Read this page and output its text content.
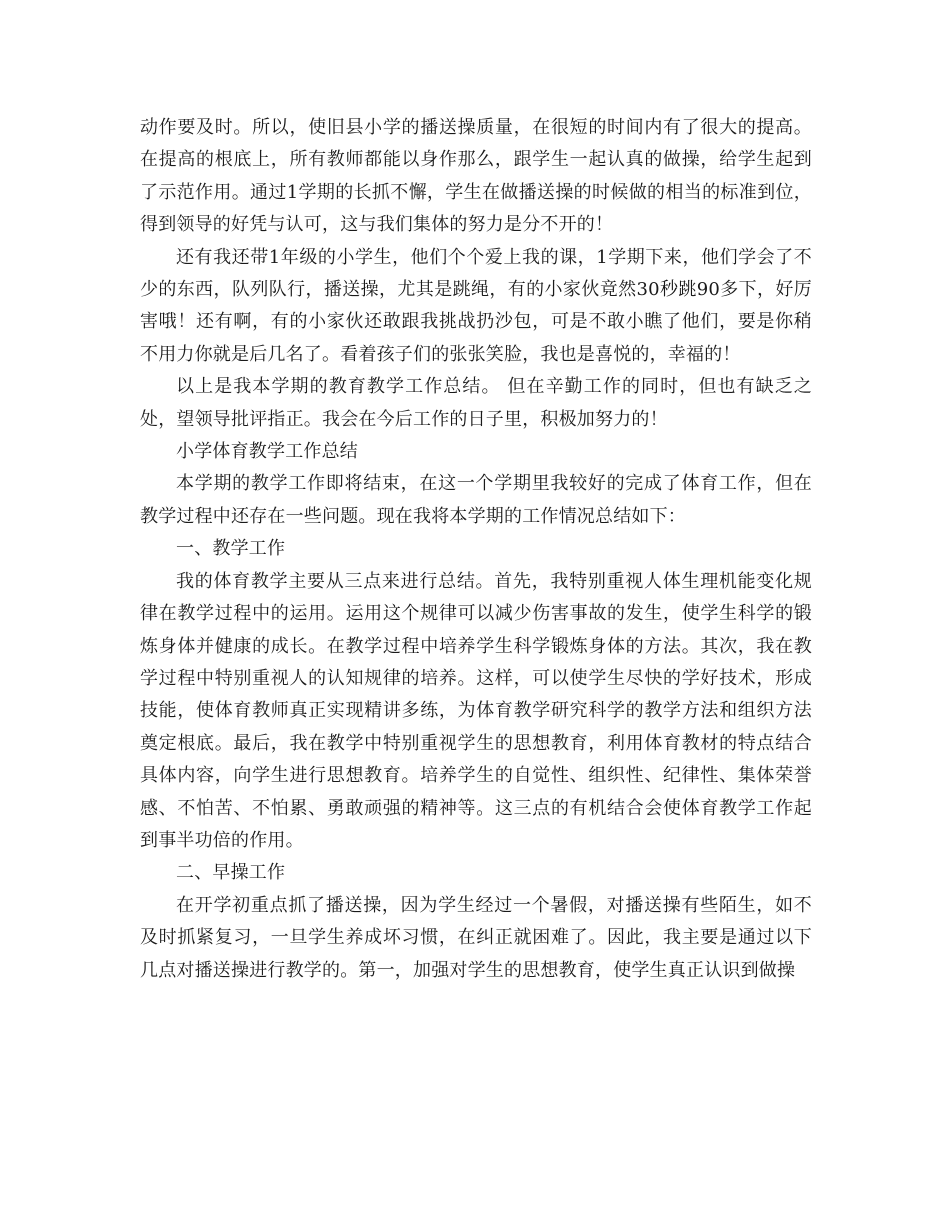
动作要及时。所以，使旧县小学的播送操质量，在很短的时间内有了很大的提高。在提高的根底上，所有教师都能以身作那么，跟学生一起认真的做操，给学生起到了示范作用。通过1学期的长抓不懈，学生在做播送操的时候做的相当的标准到位，得到领导的好凭与认可，这与我们集体的努力是分不开的！

还有我还带1年级的小学生，他们个个爱上我的课，1学期下来，他们学会了不少的东西，队列队行，播送操，尤其是跳绳，有的小家伙竟然30秒跳90多下，好厉害哦！还有啊，有的小家伙还敢跟我挑战扔沙包，可是不敢小瞧了他们，要是你稍不用力你就是后几名了。看着孩子们的张张笑脸，我也是喜悦的，幸福的！

以上是我本学期的教育教学工作总结。 但在辛勤工作的同时，但也有缺乏之处，望领导批评指正。我会在今后工作的日子里，积极加努力的！

小学体育教学工作总结

本学期的教学工作即将结束，在这一个学期里我较好的完成了体育工作，但在教学过程中还存在一些问题。现在我将本学期的工作情况总结如下：

一、教学工作

我的体育教学主要从三点来进行总结。首先，我特别重视人体生理机能变化规律在教学过程中的运用。运用这个规律可以减少伤害事故的发生，使学生科学的锻炼身体并健康的成长。在教学过程中培养学生科学锻炼身体的方法。其次，我在教学过程中特别重视人的认知规律的培养。这样，可以使学生尽快的学好技术，形成技能，使体育教师真正实现精讲多练，为体育教学研究科学的教学方法和组织方法奠定根底。最后，我在教学中特别重视学生的思想教育，利用体育教材的特点结合具体内容，向学生进行思想教育。培养学生的自觉性、组织性、纪律性、集体荣誉感、不怕苦、不怕累、勇敢顽强的精神等。这三点的有机结合会使体育教学工作起到事半功倍的作用。

二、早操工作

在开学初重点抓了播送操，因为学生经过一个暑假，对播送操有些陌生，如不及时抓紧复习，一旦学生养成坏习惯，在纠正就困难了。因此，我主要是通过以下几点对播送操进行教学的。第一，加强对学生的思想教育，使学生真正认识到做操
